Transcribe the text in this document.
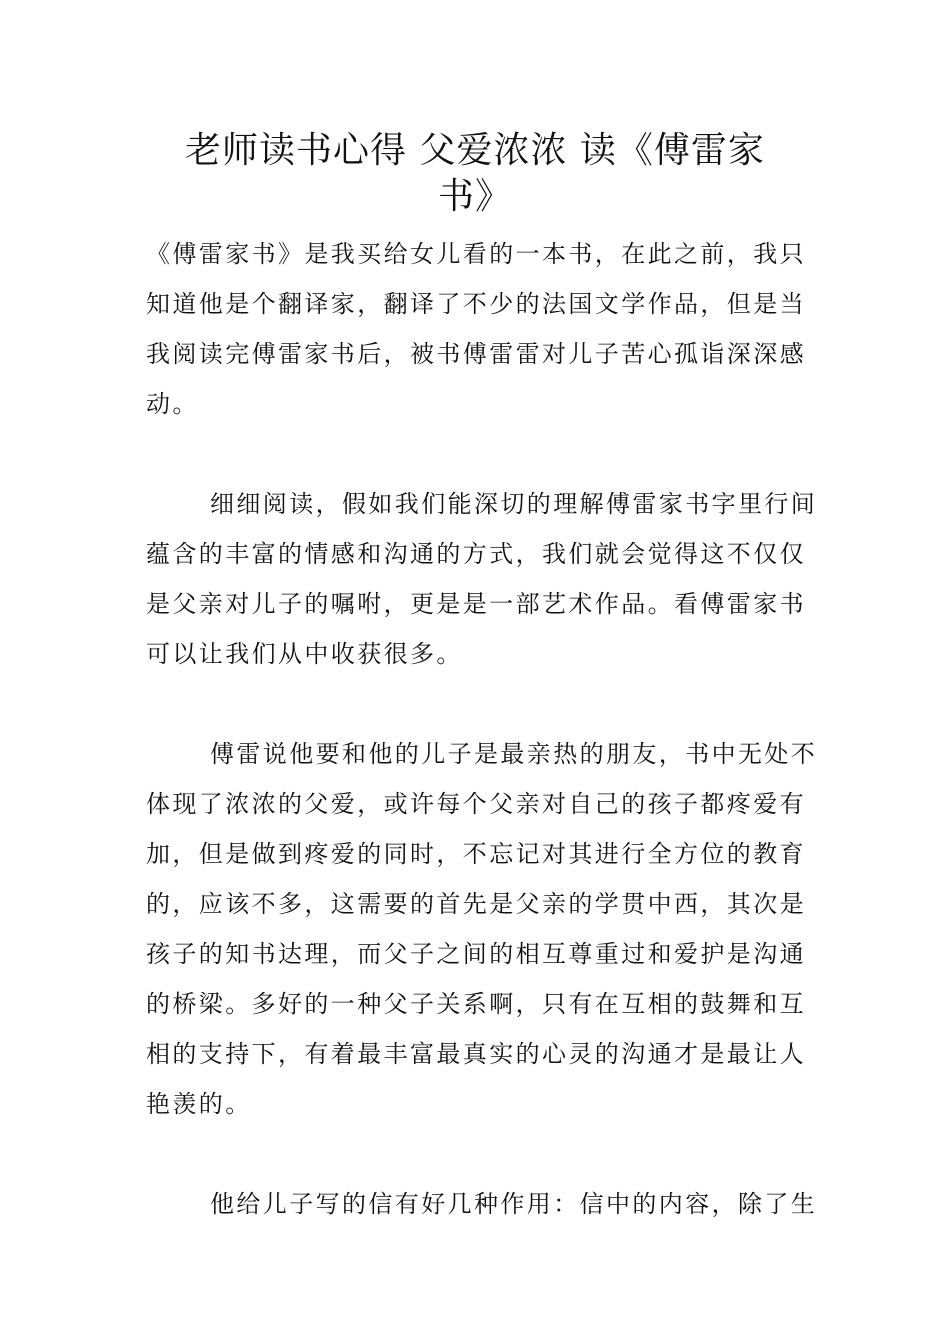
老师读书心得 父爱浓浓 读《傅雷家
书》

《傅雷家书》是我买给女儿看的一本书，在此之前，我只
知道他是个翻译家，翻译了不少的法国文学作品，但是当
我阅读完傅雷家书后，被书傅雷雷对儿子苦心孤诣深深感
动。

细细阅读，假如我们能深切的理解傅雷家书字里行间
蕴含的丰富的情感和沟通的方式，我们就会觉得这不仅仅
是父亲对儿子的嘱咐，更是是一部艺术作品。看傅雷家书
可以让我们从中收获很多。

傅雷说他要和他的儿子是最亲热的朋友，书中无处不
体现了浓浓的父爱，或许每个父亲对自己的孩子都疼爱有
加，但是做到疼爱的同时，不忘记对其进行全方位的教育
的，应该不多，这需要的首先是父亲的学贯中西，其次是
孩子的知书达理，而父子之间的相互尊重过和爱护是沟通
的桥梁。多好的一种父子关系啊，只有在互相的鼓舞和互
相的支持下，有着最丰富最真实的心灵的沟通才是最让人
艳羡的。

他给儿子写的信有好几种作用：信中的内容，除了生
